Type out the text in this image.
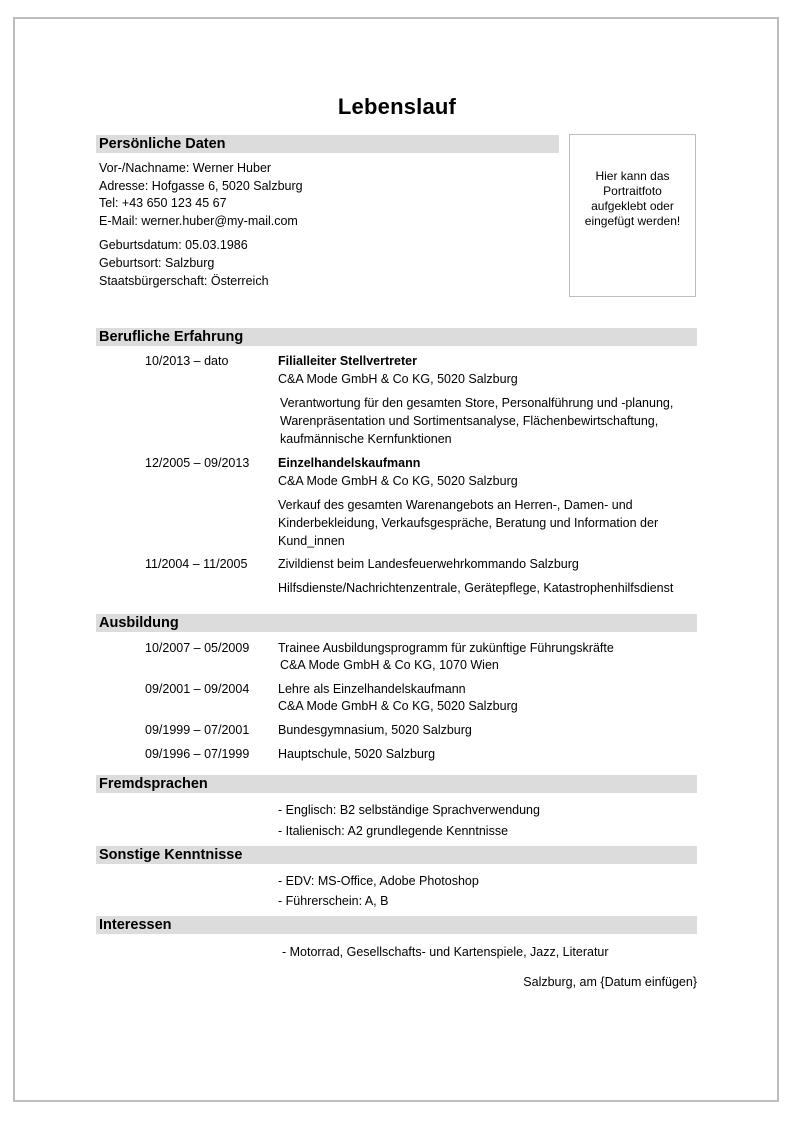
Lebenslauf
Persönliche Daten
Vor-/Nachname: Werner Huber
Adresse: Hofgasse 6, 5020 Salzburg
Tel: +43 650 123 45 67
E-Mail: werner.huber@my-mail.com
Geburtsdatum: 05.03.1986
Geburtsort: Salzburg
Staatsbürgerschaft: Österreich
Hier kann das Portraitfoto aufgeklebt oder eingefügt werden!
Berufliche Erfahrung
10/2013 – dato	Filialleiter Stellvertreter
C&A Mode GmbH & Co KG, 5020 Salzburg
Verantwortung für den gesamten Store, Personalführung und -planung, Warenpräsentation und Sortimentsanalyse, Flächenbewirtschaftung, kaufmännische Kernfunktionen
12/2005 – 09/2013 Einzelhandelskaufmann
C&A Mode GmbH & Co KG, 5020 Salzburg
Verkauf des gesamten Warenangebots an Herren-, Damen- und Kinderbekleidung, Verkaufsgespräche, Beratung und Information der Kund_innen
11/2004 – 11/2005 Zivildienst beim Landesfeuerwehrkommando Salzburg
Hilfsdienste/Nachrichtenzentrale, Gerätepflege, Katastrophenhilfsdienst
Ausbildung
10/2007 – 05/2009 Trainee Ausbildungsprogramm für zukünftige Führungskräfte
C&A Mode GmbH & Co KG, 1070 Wien
09/2001 – 09/2004 Lehre als Einzelhandelskaufmann
C&A Mode GmbH & Co KG, 5020 Salzburg
09/1999 – 07/2001 Bundesgymnasium, 5020 Salzburg
09/1996 – 07/1999 Hauptschule, 5020 Salzburg
Fremdsprachen
- Englisch: B2 selbständige Sprachverwendung
- Italienisch: A2 grundlegende Kenntnisse
Sonstige Kenntnisse
- EDV: MS-Office, Adobe Photoshop
- Führerschein: A, B
Interessen
- Motorrad, Gesellschafts- und Kartenspiele, Jazz, Literatur
Salzburg, am {Datum einfügen}
